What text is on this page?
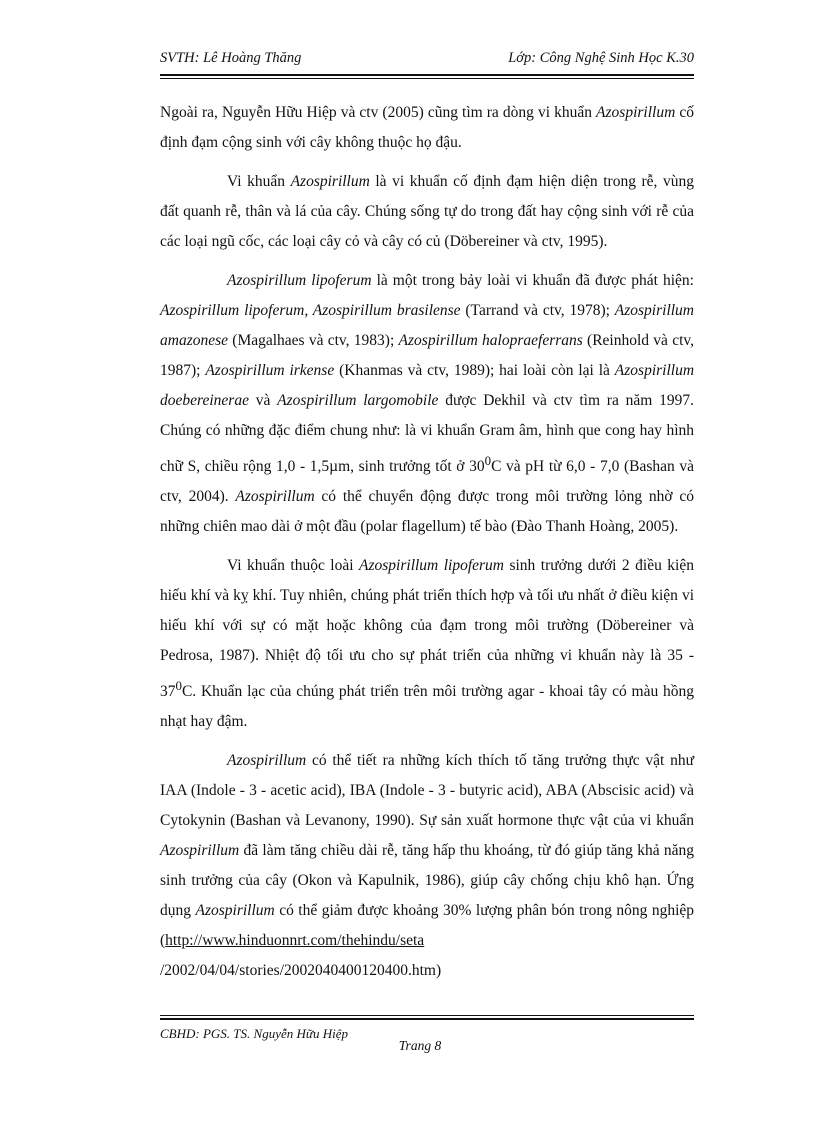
SVTH: Lê Hoàng Thăng	Lớp: Công Nghệ Sinh Học K.30

Ngoài ra, Nguyễn Hữu Hiệp và ctv (2005) cũng tìm ra dòng vi khuẩn Azospirillum cố định đạm cộng sinh với cây không thuộc họ đậu.

Vi khuẩn Azospirillum là vi khuẩn cố định đạm hiện diện trong rễ, vùng đất quanh rễ, thân và lá của cây. Chúng sống tự do trong đất hay cộng sinh với rễ của các loại ngũ cốc, các loại cây cỏ và cây có củ (Döbereiner và ctv, 1995).

Azospirillum lipoferum là một trong bảy loài vi khuẩn đã được phát hiện: Azospirillum lipoferum, Azospirillum brasilense (Tarrand và ctv, 1978); Azospirillum amazonese (Magalhaes và ctv, 1983); Azospirillum halopraeferrans (Reinhold và ctv, 1987); Azospirillum irkense (Khanmas và ctv, 1989); hai loài còn lại là Azospirillum doebereinerae và Azospirillum largomobile được Dekhil và ctv tìm ra năm 1997. Chúng có những đặc điểm chung như: là vi khuẩn Gram âm, hình que cong hay hình chữ S, chiều rộng 1,0 - 1,5µm, sinh trưởng tốt ở $30^0C$ và pH từ 6,0 - 7,0 (Bashan và ctv, 2004). Azospirillum có thể chuyển động được trong môi trường lỏng nhờ có những chiên mao dài ở một đầu (polar flagellum) tế bào (Đào Thanh Hoàng, 2005).

Vi khuẩn thuộc loài Azospirillum lipoferum sinh trưởng dưới 2 điều kiện hiếu khí và kỵ khí. Tuy nhiên, chúng phát triển thích hợp và tối ưu nhất ở điều kiện vi hiếu khí với sự có mặt hoặc không của đạm trong môi trường (Döbereiner và Pedrosa, 1987). Nhiệt độ tối ưu cho sự phát triển của những vi khuẩn này là $35 - 37^0C$. Khuẩn lạc của chúng phát triển trên môi trường agar - khoai tây có màu hồng nhạt hay đậm.

Azospirillum có thể tiết ra những kích thích tố tăng trưởng thực vật như IAA (Indole - 3 - acetic acid), IBA (Indole - 3 - butyric acid), ABA (Abscisic acid) và Cytokynin (Bashan và Levanony, 1990). Sự sản xuất hormone thực vật của vi khuẩn Azospirillum đã làm tăng chiều dài rễ, tăng hấp thu khoáng, từ đó giúp tăng khả năng sinh trưởng của cây (Okon và Kapulnik, 1986), giúp cây chống chịu khô hạn. Ứng dụng Azospirillum có thể giảm được khoảng 30% lượng phân bón trong nông nghiệp (http://www.hinduonnrt.com/thehindu/seta /2002/04/04/stories/2002040400120400.htm)

CBHD: PGS. TS. Nguyễn Hữu Hiệp
Trang 8
